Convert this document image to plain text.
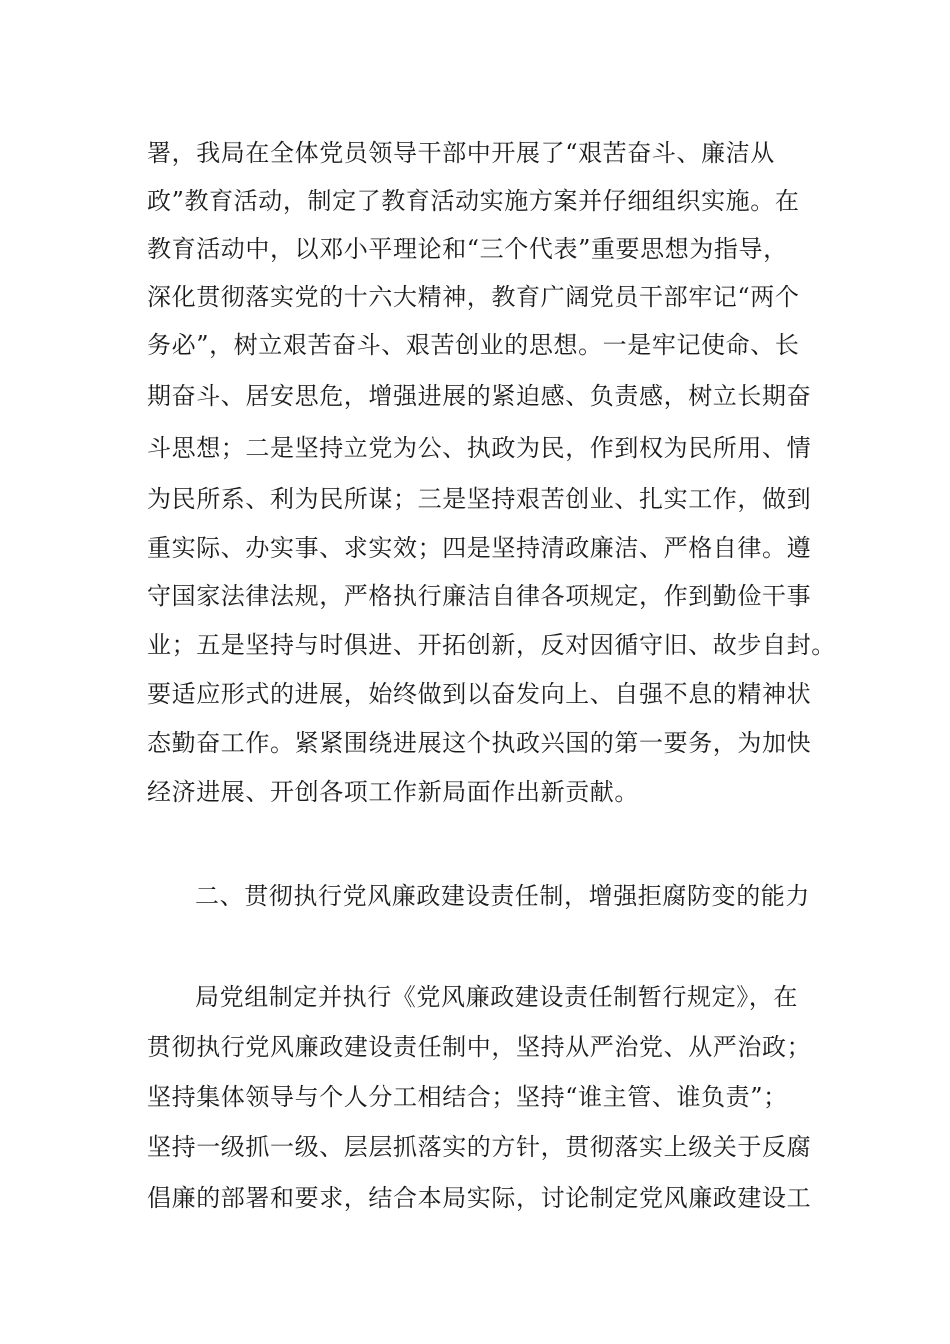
署，我局在全体党员领导干部中开展了“艰苦奋斗、廉洁从
政”教育活动，制定了教育活动实施方案并仔细组织实施。在
教育活动中，以邓小平理论和“三个代表”重要思想为指导，
深化贯彻落实党的十六大精神，教育广阔党员干部牢记“两个
务必”，树立艰苦奋斗、艰苦创业的思想。一是牢记使命、长
期奋斗、居安思危，增强进展的紧迫感、负责感，树立长期奋
斗思想；二是坚持立党为公、执政为民，作到权为民所用、情
为民所系、利为民所谋；三是坚持艰苦创业、扎实工作，做到
重实际、办实事、求实效；四是坚持清政廉洁、严格自律。遵
守国家法律法规，严格执行廉洁自律各项规定，作到勤俭干事
业；五是坚持与时俱进、开拓创新，反对因循守旧、故步自封。
要适应形式的进展，始终做到以奋发向上、自强不息的精神状
态勤奋工作。紧紧围绕进展这个执政兴国的第一要务，为加快
经济进展、开创各项工作新局面作出新贡献。
二、贯彻执行党风廉政建设责任制，增强拒腐防变的能力
局党组制定并执行《党风廉政建设责任制暂行规定》，在
贯彻执行党风廉政建设责任制中，坚持从严治党、从严治政；
坚持集体领导与个人分工相结合；坚持“谁主管、谁负责”；
坚持一级抓一级、层层抓落实的方针，贯彻落实上级关于反腐
倡廉的部署和要求，结合本局实际，讨论制定党风廉政建设工
